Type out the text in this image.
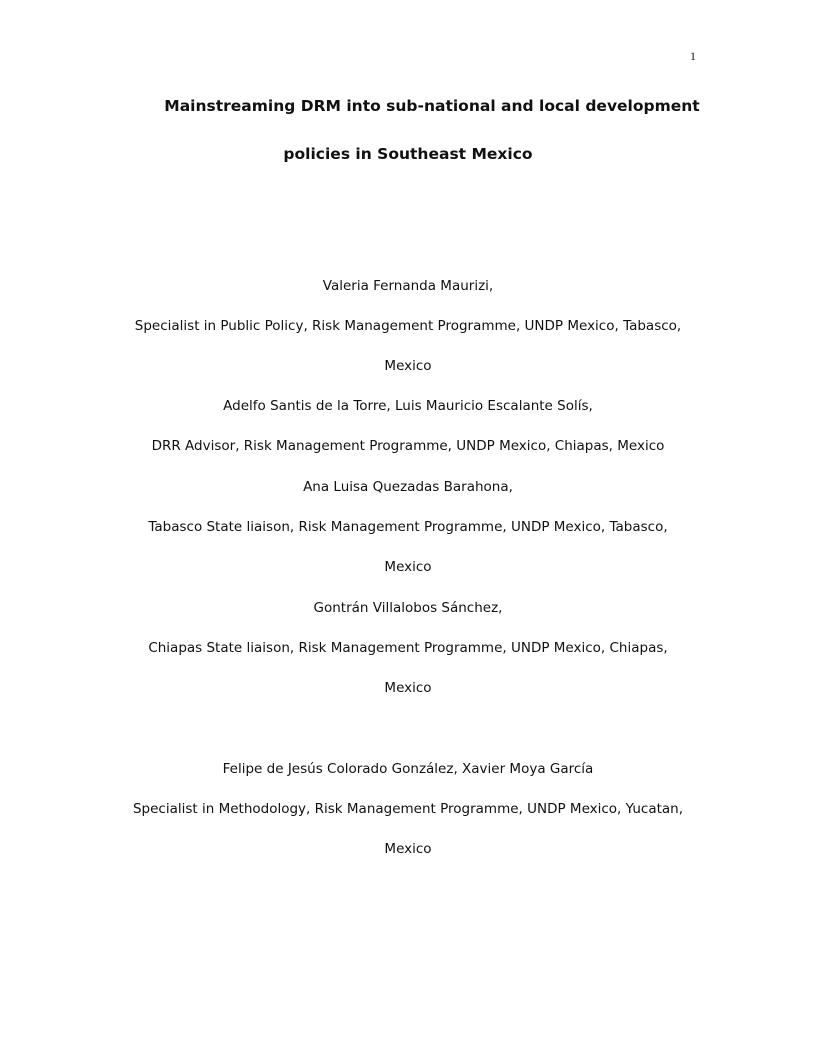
1
Mainstreaming DRM into sub-national and local development
policies in Southeast Mexico
Valeria Fernanda Maurizi,
Specialist in Public Policy, Risk Management Programme, UNDP Mexico, Tabasco,
Mexico
Adelfo Santis de la Torre, Luis Mauricio Escalante Solís,
DRR Advisor, Risk Management Programme, UNDP Mexico, Chiapas, Mexico
Ana Luisa Quezadas Barahona,
Tabasco State liaison, Risk Management Programme, UNDP Mexico, Tabasco,
Mexico
Gontrán Villalobos Sánchez,
Chiapas State liaison, Risk Management Programme, UNDP Mexico, Chiapas,
Mexico
Felipe de Jesús Colorado González, Xavier Moya García
Specialist in Methodology, Risk Management Programme, UNDP Mexico, Yucatan,
Mexico
